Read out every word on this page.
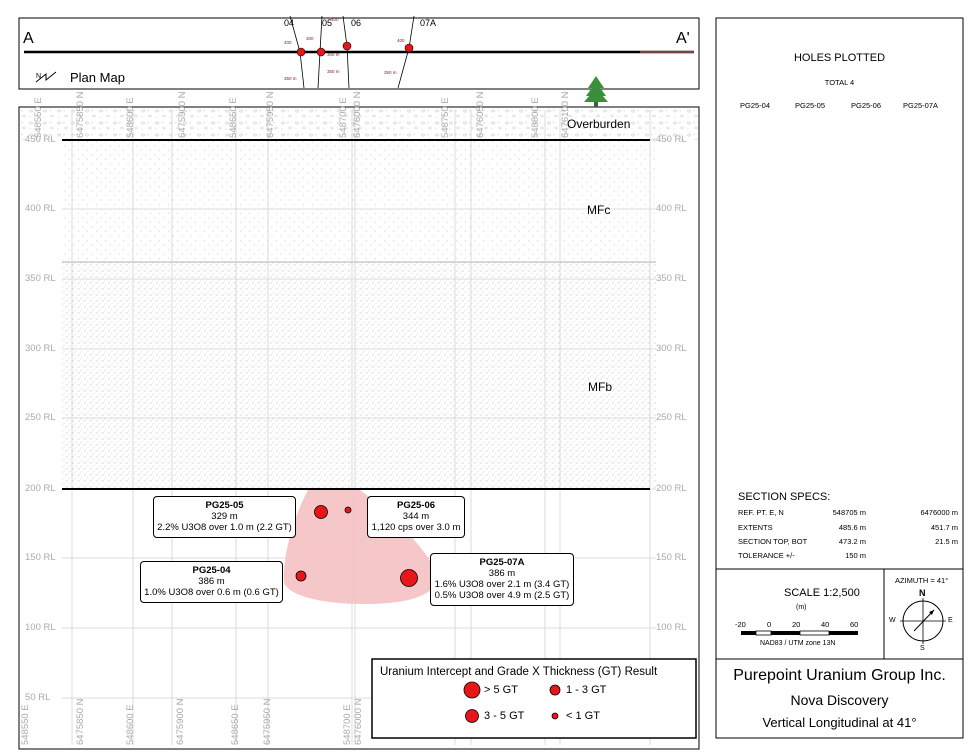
N Plan Map
A	A'
04	05 06	07A
400
300
350 m
400
300 m
350 m
400
350 m
Overburden
MFc
MFb
450 RL
400 RL
350 RL
300 RL
250 RL
200 RL
150 RL
100 RL
50 RL
450 RL
400 RL
350 RL
300 RL
250 RL
200 RL
150 RL
100 RL
548550 E	6475850 N	548600 E	6475900 N	548650 E	6475950 N	548700 E 6476000 N	548750 E	6476050 N	548800 E 6476100 N
548550 E	6475850 N	548600 E	6475900 N	548650 E 6475950 N	548700 E 6476000 N
PG25-05
329 m
2.2% U3O8 over 1.0 m (2.2 GT)
PG25-06
344 m
1,120 cps over 3.0 m
PG25-04
386 m
1.0% U3O8 over 0.6 m (0.6 GT)
PG25-07A
386 m
1.6% U3O8 over 2.1 m (3.4 GT)
0.5% U3O8 over 4.9 m (2.5 GT)
Uranium Intercept and Grade X Thickness (GT) Result
> 5 GT	1 - 3 GT
3 - 5 GT	< 1 GT
HOLES PLOTTED
TOTAL 4
PG25-04	PG25-05	PG25-06	PG25-07A
SECTION SPECS:
REF. PT. E, N	548705 m	6476000 m
EXTENTS	485.6 m	451.7 m
SECTION TOP, BOT	473.2 m	21.5 m
TOLERANCE +/-	150 m
SCALE 1:2,500
(m)
-20	0	20	40	60
NAD83 / UTM zone 13N
AZIMUTH = 41°
N
S
W	E
Purepoint Uranium Group Inc.
Nova Discovery
Vertical Longitudinal at 41°
